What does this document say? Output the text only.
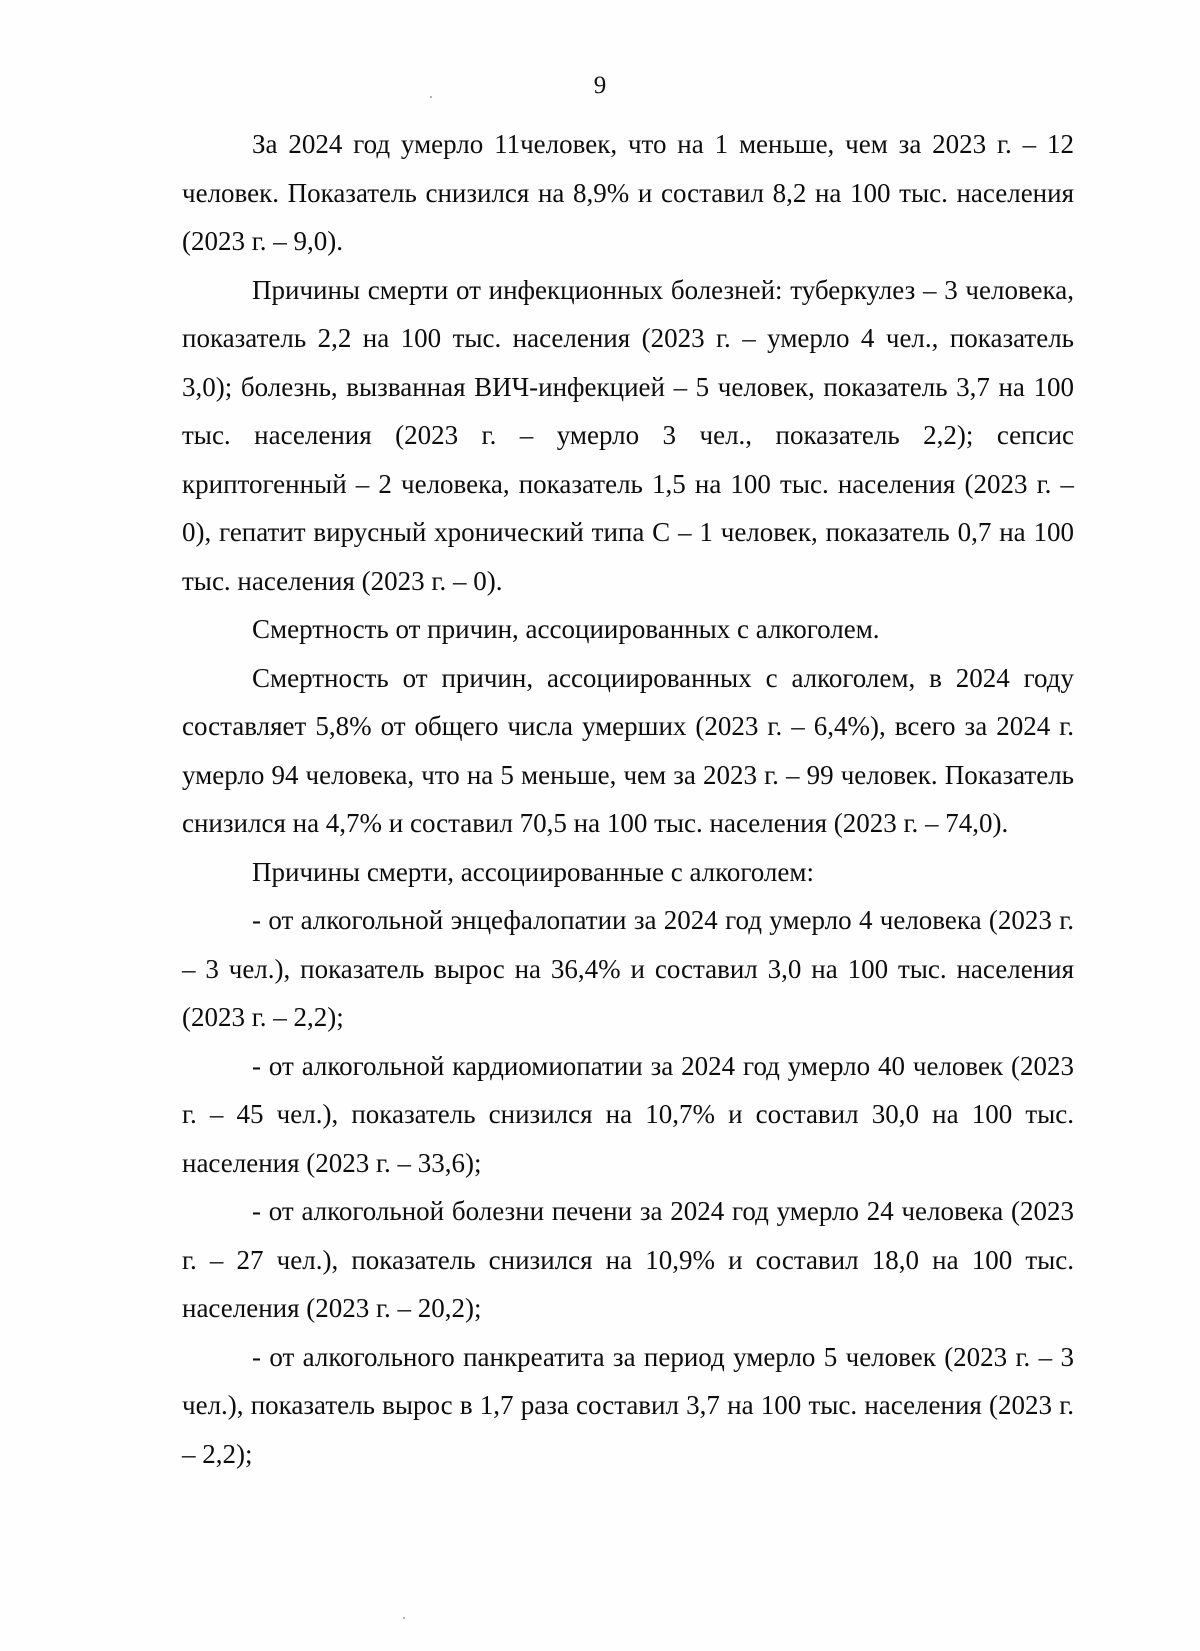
9

За 2024 год умерло 11человек, что на 1 меньше, чем за 2023 г. – 12 человек. Показатель снизился на 8,9% и составил 8,2 на 100 тыс. населения (2023 г. – 9,0).

Причины смерти от инфекционных болезней: туберкулез – 3 человека, показатель 2,2 на 100 тыс. населения (2023 г. – умерло 4 чел., показатель 3,0); болезнь, вызванная ВИЧ-инфекцией – 5 человек, показатель 3,7 на 100 тыс. населения (2023 г. – умерло 3 чел., показатель 2,2); сепсис криптогенный – 2 человека, показатель 1,5 на 100 тыс. населения (2023 г. – 0), гепатит вирусный хронический типа С – 1 человек, показатель 0,7 на 100 тыс. населения (2023 г. – 0).

Смертность от причин, ассоциированных с алкоголем.

Смертность от причин, ассоциированных с алкоголем, в 2024 году составляет 5,8% от общего числа умерших (2023 г. – 6,4%), всего за 2024 г. умерло 94 человека, что на 5 меньше, чем за 2023 г. – 99 человек. Показатель снизился на 4,7% и составил 70,5 на 100 тыс. населения (2023 г. – 74,0).

Причины смерти, ассоциированные с алкоголем:

- от алкогольной энцефалопатии за 2024 год умерло 4 человека (2023 г. – 3 чел.), показатель вырос на 36,4% и составил 3,0 на 100 тыс. населения (2023 г. – 2,2);

- от алкогольной кардиомиопатии за 2024 год умерло 40 человек (2023 г. – 45 чел.), показатель снизился на 10,7% и составил 30,0 на 100 тыс. населения (2023 г. – 33,6);

- от алкогольной болезни печени за 2024 год умерло 24 человека (2023 г. – 27 чел.), показатель снизился на 10,9% и составил 18,0 на 100 тыс. населения (2023 г. – 20,2);

- от алкогольного панкреатита за период умерло 5 человек (2023 г. – 3 чел.), показатель вырос в 1,7 раза составил 3,7 на 100 тыс. населения (2023 г. – 2,2);
